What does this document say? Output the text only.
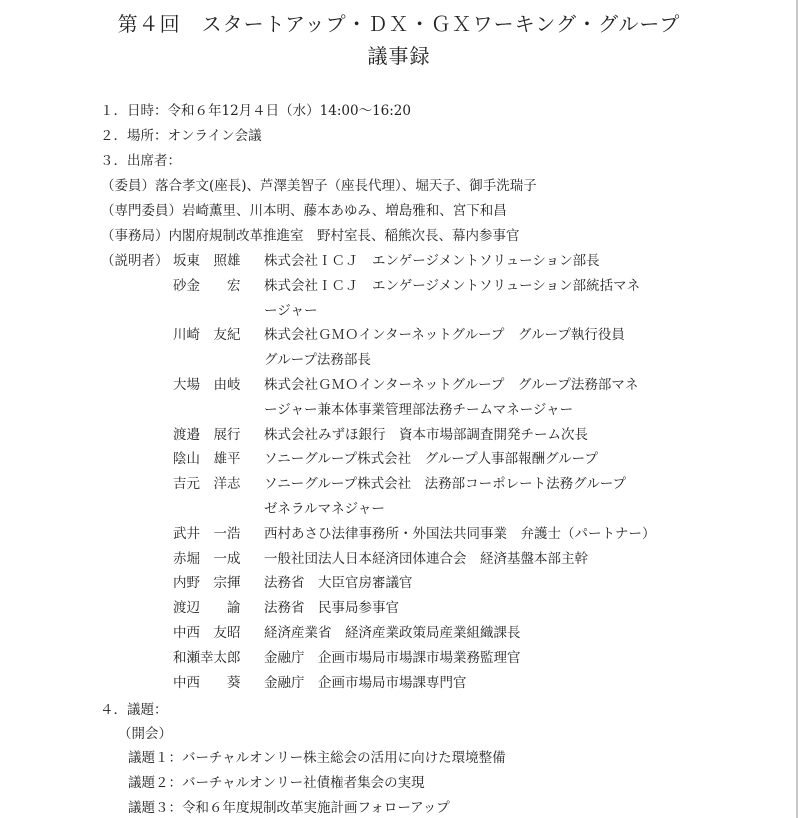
第４回　スタートアップ・ＤＸ・ＧＸワーキング・グループ
議事録
１．日時：令和６年12月４日（水）14:00～16:20
２．場所：オンライン会議
３．出席者：
（委員）落合孝文(座長)、芦澤美智子（座長代理）、堀天子、御手洗瑞子
（専門委員）岩崎薫里、川本明、藤本あゆみ、増島雅和、宮下和昌
（事務局）内閣府規制改革推進室　野村室長、稲熊次長、幕内参事官
（説明者） 坂東　照雄 株式会社ＩＣＪ　エンゲージメントソリューション部長
砂金　　宏 株式会社ＩＣＪ　エンゲージメントソリューション部統括マネ
ージャー
川崎　友紀 株式会社ＧＭＯインターネットグループ　グループ執行役員
グループ法務部長
大場　由岐 株式会社ＧＭＯインターネットグループ　グループ法務部マネ
ージャー兼本体事業管理部法務チームマネージャー
渡邉　展行 株式会社みずほ銀行　資本市場部調査開発チーム次長
陰山　雄平 ソニーグループ株式会社　グループ人事部報酬グループ
吉元　洋志 ソニーグループ株式会社　法務部コーポレート法務グループ
ゼネラルマネジャー
武井　一浩 西村あさひ法律事務所・外国法共同事業　弁護士（パートナー）
赤堀　一成 一般社団法人日本経済団体連合会　経済基盤本部主幹
内野　宗揮 法務省　大臣官房審議官
渡辺　　諭 法務省　民事局参事官
中西　友昭 経済産業省　経済産業政策局産業組織課長
和瀬幸太郎 金融庁　企画市場局市場課市場業務監理官
中西　　葵 金融庁　企画市場局市場課専門官
４．議題：
（開会）
議題１：バーチャルオンリー株主総会の活用に向けた環境整備
議題２：バーチャルオンリー社債権者集会の実現
議題３：令和６年度規制改革実施計画フォローアップ
